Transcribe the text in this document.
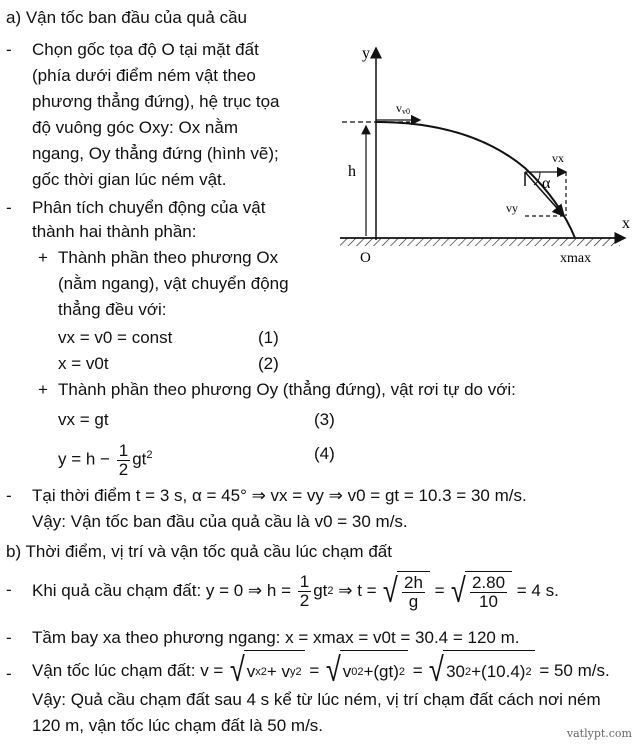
a) Vận tốc ban đầu của quả cầu
- Chọn gốc tọa độ O tại mặt đất
(phía dưới điểm ném vật theo
phương thẳng đứng), hệ trục tọa
độ vuông góc Oxy: Ox nằm
ngang, Oy thẳng đứng (hình vẽ);
gốc thời gian lúc ném vật.
- Phân tích chuyển động của vật
thành hai thành phần:
+ Thành phần theo phương Ox
(nằm ngang), vật chuyển động
thẳng đều với:
vx = v0 = const	(1)
x = v0t	(2)
+ Thành phần theo phương Oy (thẳng đứng), vật rơi tự do với:
vx = gt	(3)
$y = h - \frac{1}{2} gt^2$	(4)
- Tại thời điểm t = 3 s, α = 45° ⇒ vx = vy ⇒ v0 = gt = 10.3 = 30 m/s.
Vậy: Vận tốc ban đầu của quả cầu là v0 = 30 m/s.
b) Thời điểm, vị trí và vận tốc quả cầu lúc chạm đất
- Khi quả cầu chạm đất: y = 0 ⇒ h =
$\frac{1}{2}$ gt 2 ⇒ t = √ $\frac{2h}{g}$ = √ $\frac{2.80}{10} = 4$ s.
- Tầm bay xa theo phương ngang: x = xmax = v0t = 30.4 = 120 m.
- Vận tốc lúc chạm đất: v =
√ v x 2 + v y 2 = √ v 0 2 +(gt) 2 = √ 30 2 +(10.4) 2 = 50 m/s.
Vậy: Quả cầu chạm đất sau 4 s kể từ lúc ném, vị trí chạm đất cách nơi ném
120 m, vận tốc lúc chạm đất là 50 m/s.
y
x
O
h
vv0
vx
vy
α
xmax
vatlypt.com
